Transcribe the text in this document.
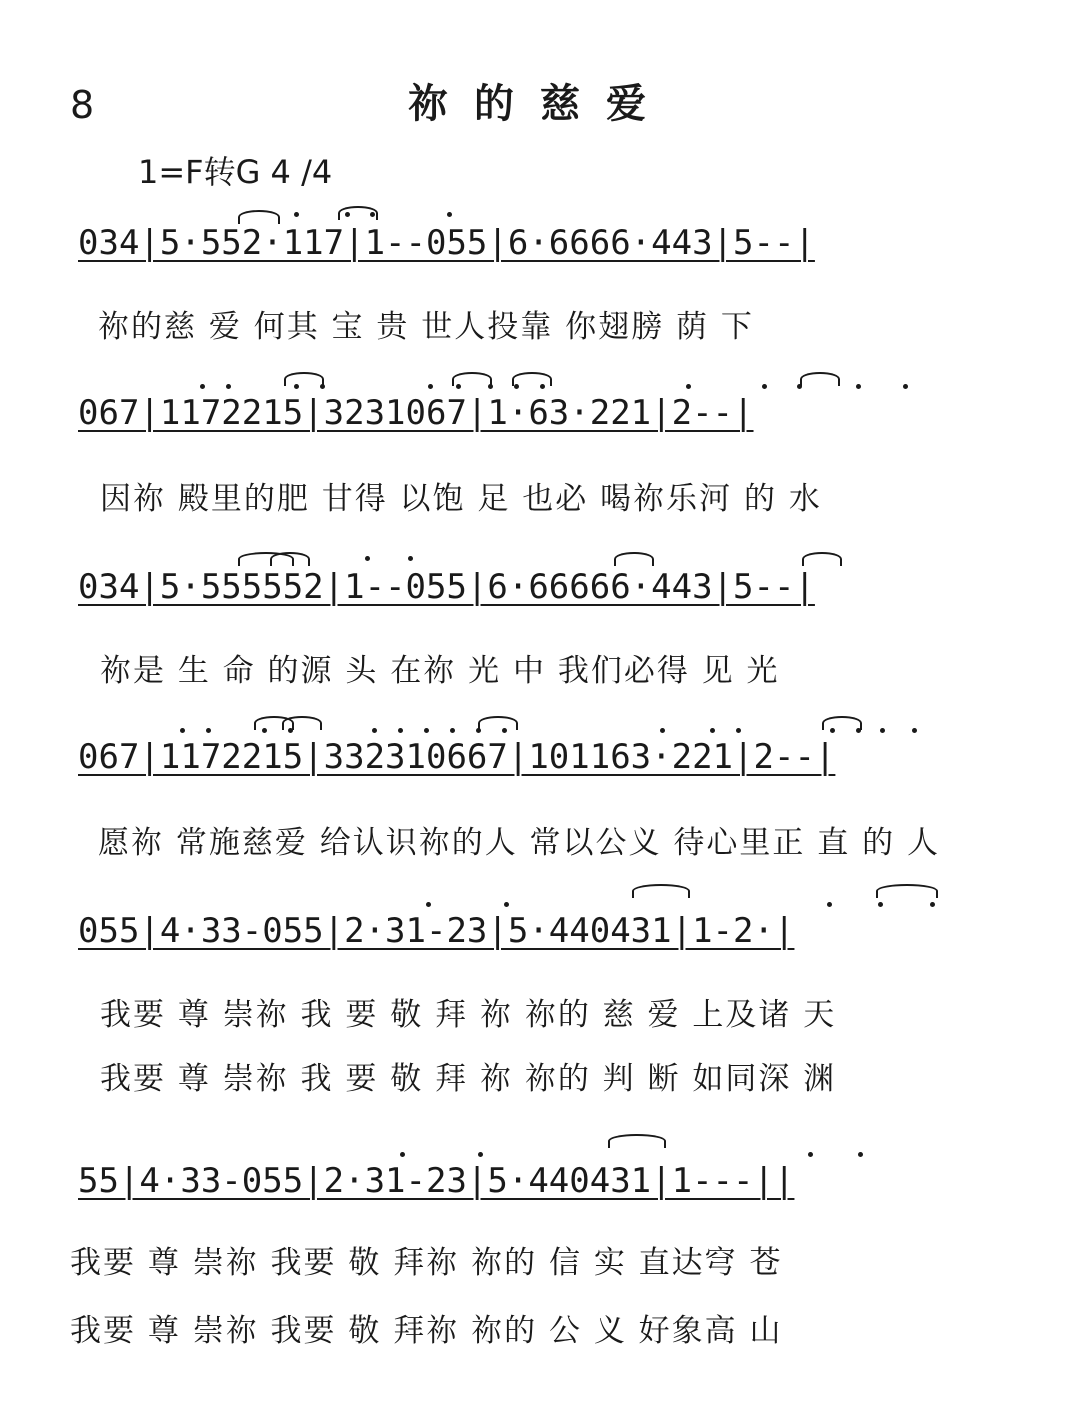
8	祢的慈爱
1=F转G 4 /4
034|5·552·117|1--055|6·6666·443|5--|
祢的慈 爱 何其 宝 贵 世人投靠 你翅膀 荫 下
067|1172215|3231067|1·63·221|2--|
因祢 殿里的肥 甘得 以饱 足 也必 喝祢乐河 的 水
034|5·555552|1--055|6·66666·443|5--|
祢是 生 命 的源 头 在祢 光 中 我们必得 见 光
067|1172215|332310667|101163·221|2--|
愿祢 常施慈爱 给认识祢的人 常以公义 待心里正 直 的 人
055|4·33-055|2·31-23|5·440431|1-2·|
我要 尊 崇祢 我 要 敬 拜 祢 祢的 慈 爱 上及诸 天
我要 尊 崇祢 我 要 敬 拜 祢 祢的 判 断 如同深 渊
55|4·33-055|2·31-23|5·440431|1---||
我要 尊 崇祢 我要 敬 拜祢 祢的 信 实 直达穹 苍
我要 尊 崇祢 我要 敬 拜祢 祢的 公 义 好象高 山
